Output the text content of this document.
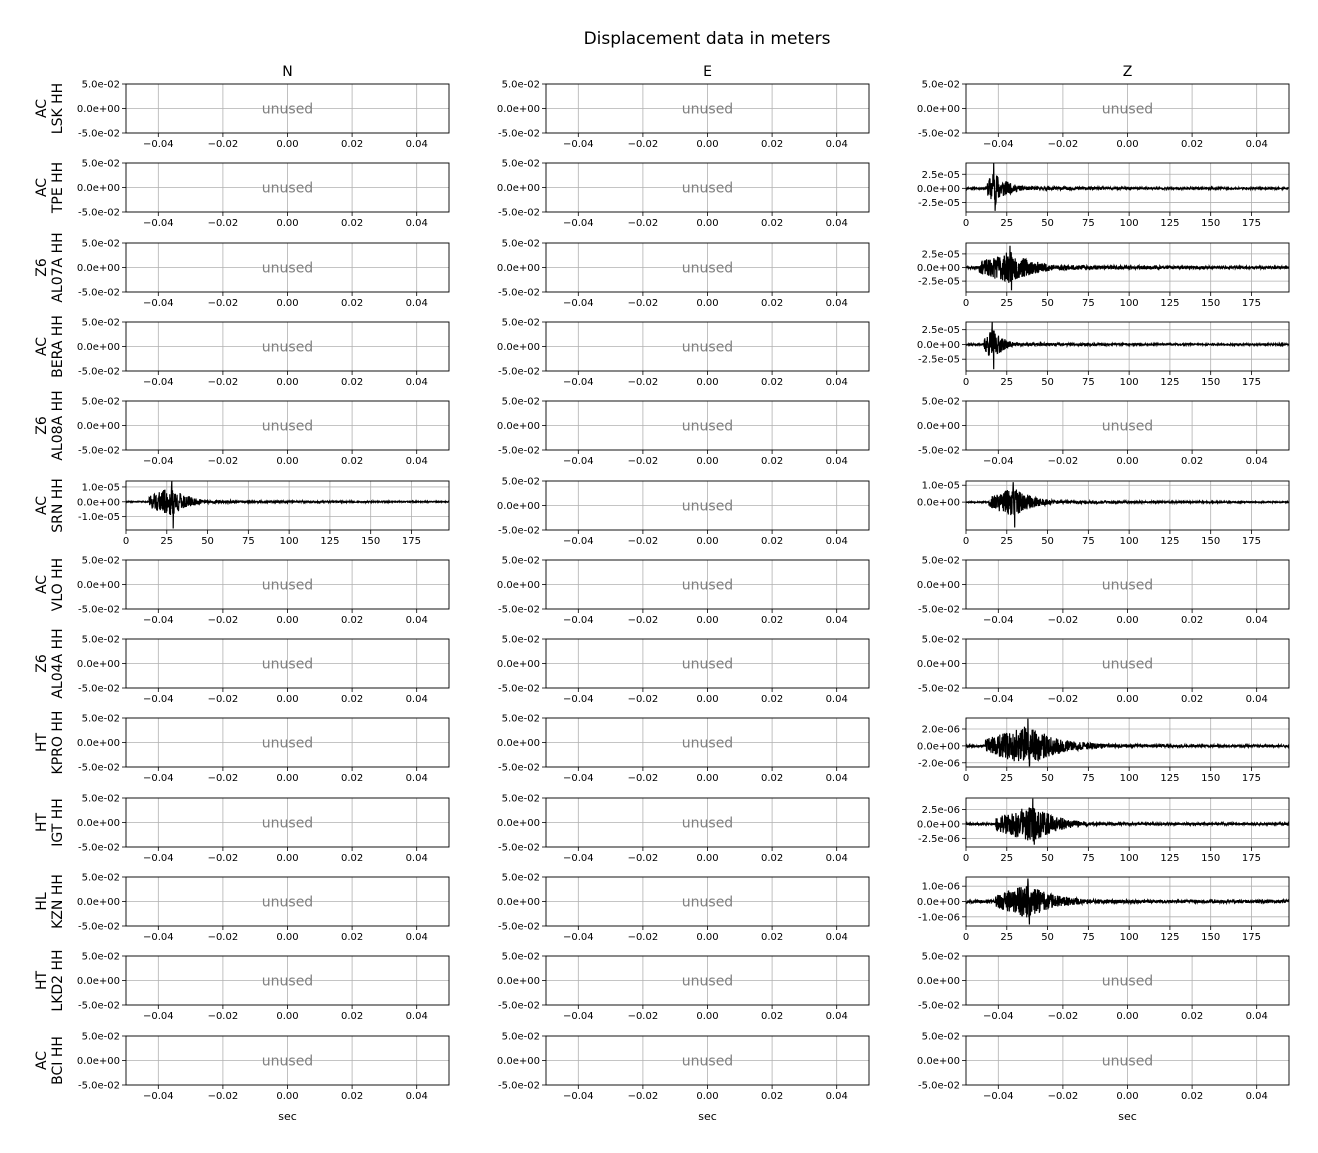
Displacement data in meters
N	E	Z
AC LSK HH
−0.04	−0.02	0.00	0.02	0.04
5.0e-02
0.0e+00
-5.0e-02
unused
−0.04	−0.02	0.00	0.02	0.04
5.0e-02
0.0e+00
-5.0e-02
unused
−0.04	−0.02	0.00	0.02	0.04
5.0e-02
0.0e+00
-5.0e-02
unused
AC TPE HH
−0.04	−0.02	0.00	0.02	0.04
5.0e-02
0.0e+00
-5.0e-02
unused
−0.04	−0.02	0.00	0.02	0.04
5.0e-02
0.0e+00
-5.0e-02
unused
0	25	50	75 100 125 150 175
2.5e-05
0.0e+00
-2.5e-05
Z6 AL07A HH
−0.04	−0.02	0.00	0.02	0.04
5.0e-02
0.0e+00
-5.0e-02
unused
−0.04	−0.02	0.00	0.02	0.04
5.0e-02
0.0e+00
-5.0e-02
unused
0	25	50	75 100 125 150 175
2.5e-05
0.0e+00
-2.5e-05
AC BERA HH
−0.04	−0.02	0.00	0.02	0.04
5.0e-02
0.0e+00
-5.0e-02
unused
−0.04	−0.02	0.00	0.02	0.04
5.0e-02
0.0e+00
-5.0e-02
unused
0	25	50	75 100 125 150 175
2.5e-05
0.0e+00
-2.5e-05
Z6 AL08A HH
−0.04	−0.02	0.00	0.02	0.04
5.0e-02
0.0e+00
-5.0e-02
unused
−0.04	−0.02	0.00	0.02	0.04
5.0e-02
0.0e+00
-5.0e-02
unused
−0.04	−0.02	0.00	0.02	0.04
5.0e-02
0.0e+00
-5.0e-02
unused
AC SRN HH
0	25	50	75 100 125 150 175
1.0e-05
0.0e+00
-1.0e-05
−0.04	−0.02	0.00	0.02	0.04
5.0e-02
0.0e+00
-5.0e-02
unused
0	25	50	75 100 125 150 175
1.0e-05
0.0e+00
AC VLO HH
−0.04	−0.02	0.00	0.02	0.04
5.0e-02
0.0e+00
-5.0e-02
unused
−0.04	−0.02	0.00	0.02	0.04
5.0e-02
0.0e+00
-5.0e-02
unused
−0.04	−0.02	0.00	0.02	0.04
5.0e-02
0.0e+00
-5.0e-02
unused
Z6 AL04A HH
−0.04	−0.02	0.00	0.02	0.04
5.0e-02
0.0e+00
-5.0e-02
unused
−0.04	−0.02	0.00	0.02	0.04
5.0e-02
0.0e+00
-5.0e-02
unused
−0.04	−0.02	0.00	0.02	0.04
5.0e-02
0.0e+00
-5.0e-02
unused
HT KPRO HH
−0.04	−0.02	0.00	0.02	0.04
5.0e-02
0.0e+00
-5.0e-02
unused
−0.04	−0.02	0.00	0.02	0.04
5.0e-02
0.0e+00
-5.0e-02
unused
0	25	50	75 100 125 150 175
2.0e-06
0.0e+00
-2.0e-06
HT IGT HH
−0.04	−0.02	0.00	0.02	0.04
5.0e-02
0.0e+00
-5.0e-02
unused
−0.04	−0.02	0.00	0.02	0.04
5.0e-02
0.0e+00
-5.0e-02
unused
0	25	50	75 100 125 150 175
2.5e-06
0.0e+00
-2.5e-06
HL KZN HH
−0.04	−0.02	0.00	0.02	0.04
5.0e-02
0.0e+00
-5.0e-02
unused
−0.04	−0.02	0.00	0.02	0.04
5.0e-02
0.0e+00
-5.0e-02
unused
0	25	50	75 100 125 150 175
1.0e-06
0.0e+00
-1.0e-06
HT LKD2 HH
−0.04	−0.02	0.00	0.02	0.04
5.0e-02
0.0e+00
-5.0e-02
unused
−0.04	−0.02	0.00	0.02	0.04
5.0e-02
0.0e+00
-5.0e-02
unused
−0.04	−0.02	0.00	0.02	0.04
5.0e-02
0.0e+00
-5.0e-02
unused
AC BCI HH
−0.04	−0.02	0.00	0.02	0.04
5.0e-02
0.0e+00
-5.0e-02
unused
sec
−0.04	−0.02	0.00	0.02	0.04
5.0e-02
0.0e+00
-5.0e-02
unused
sec
−0.04	−0.02	0.00	0.02	0.04
5.0e-02
0.0e+00
-5.0e-02
unused
sec
